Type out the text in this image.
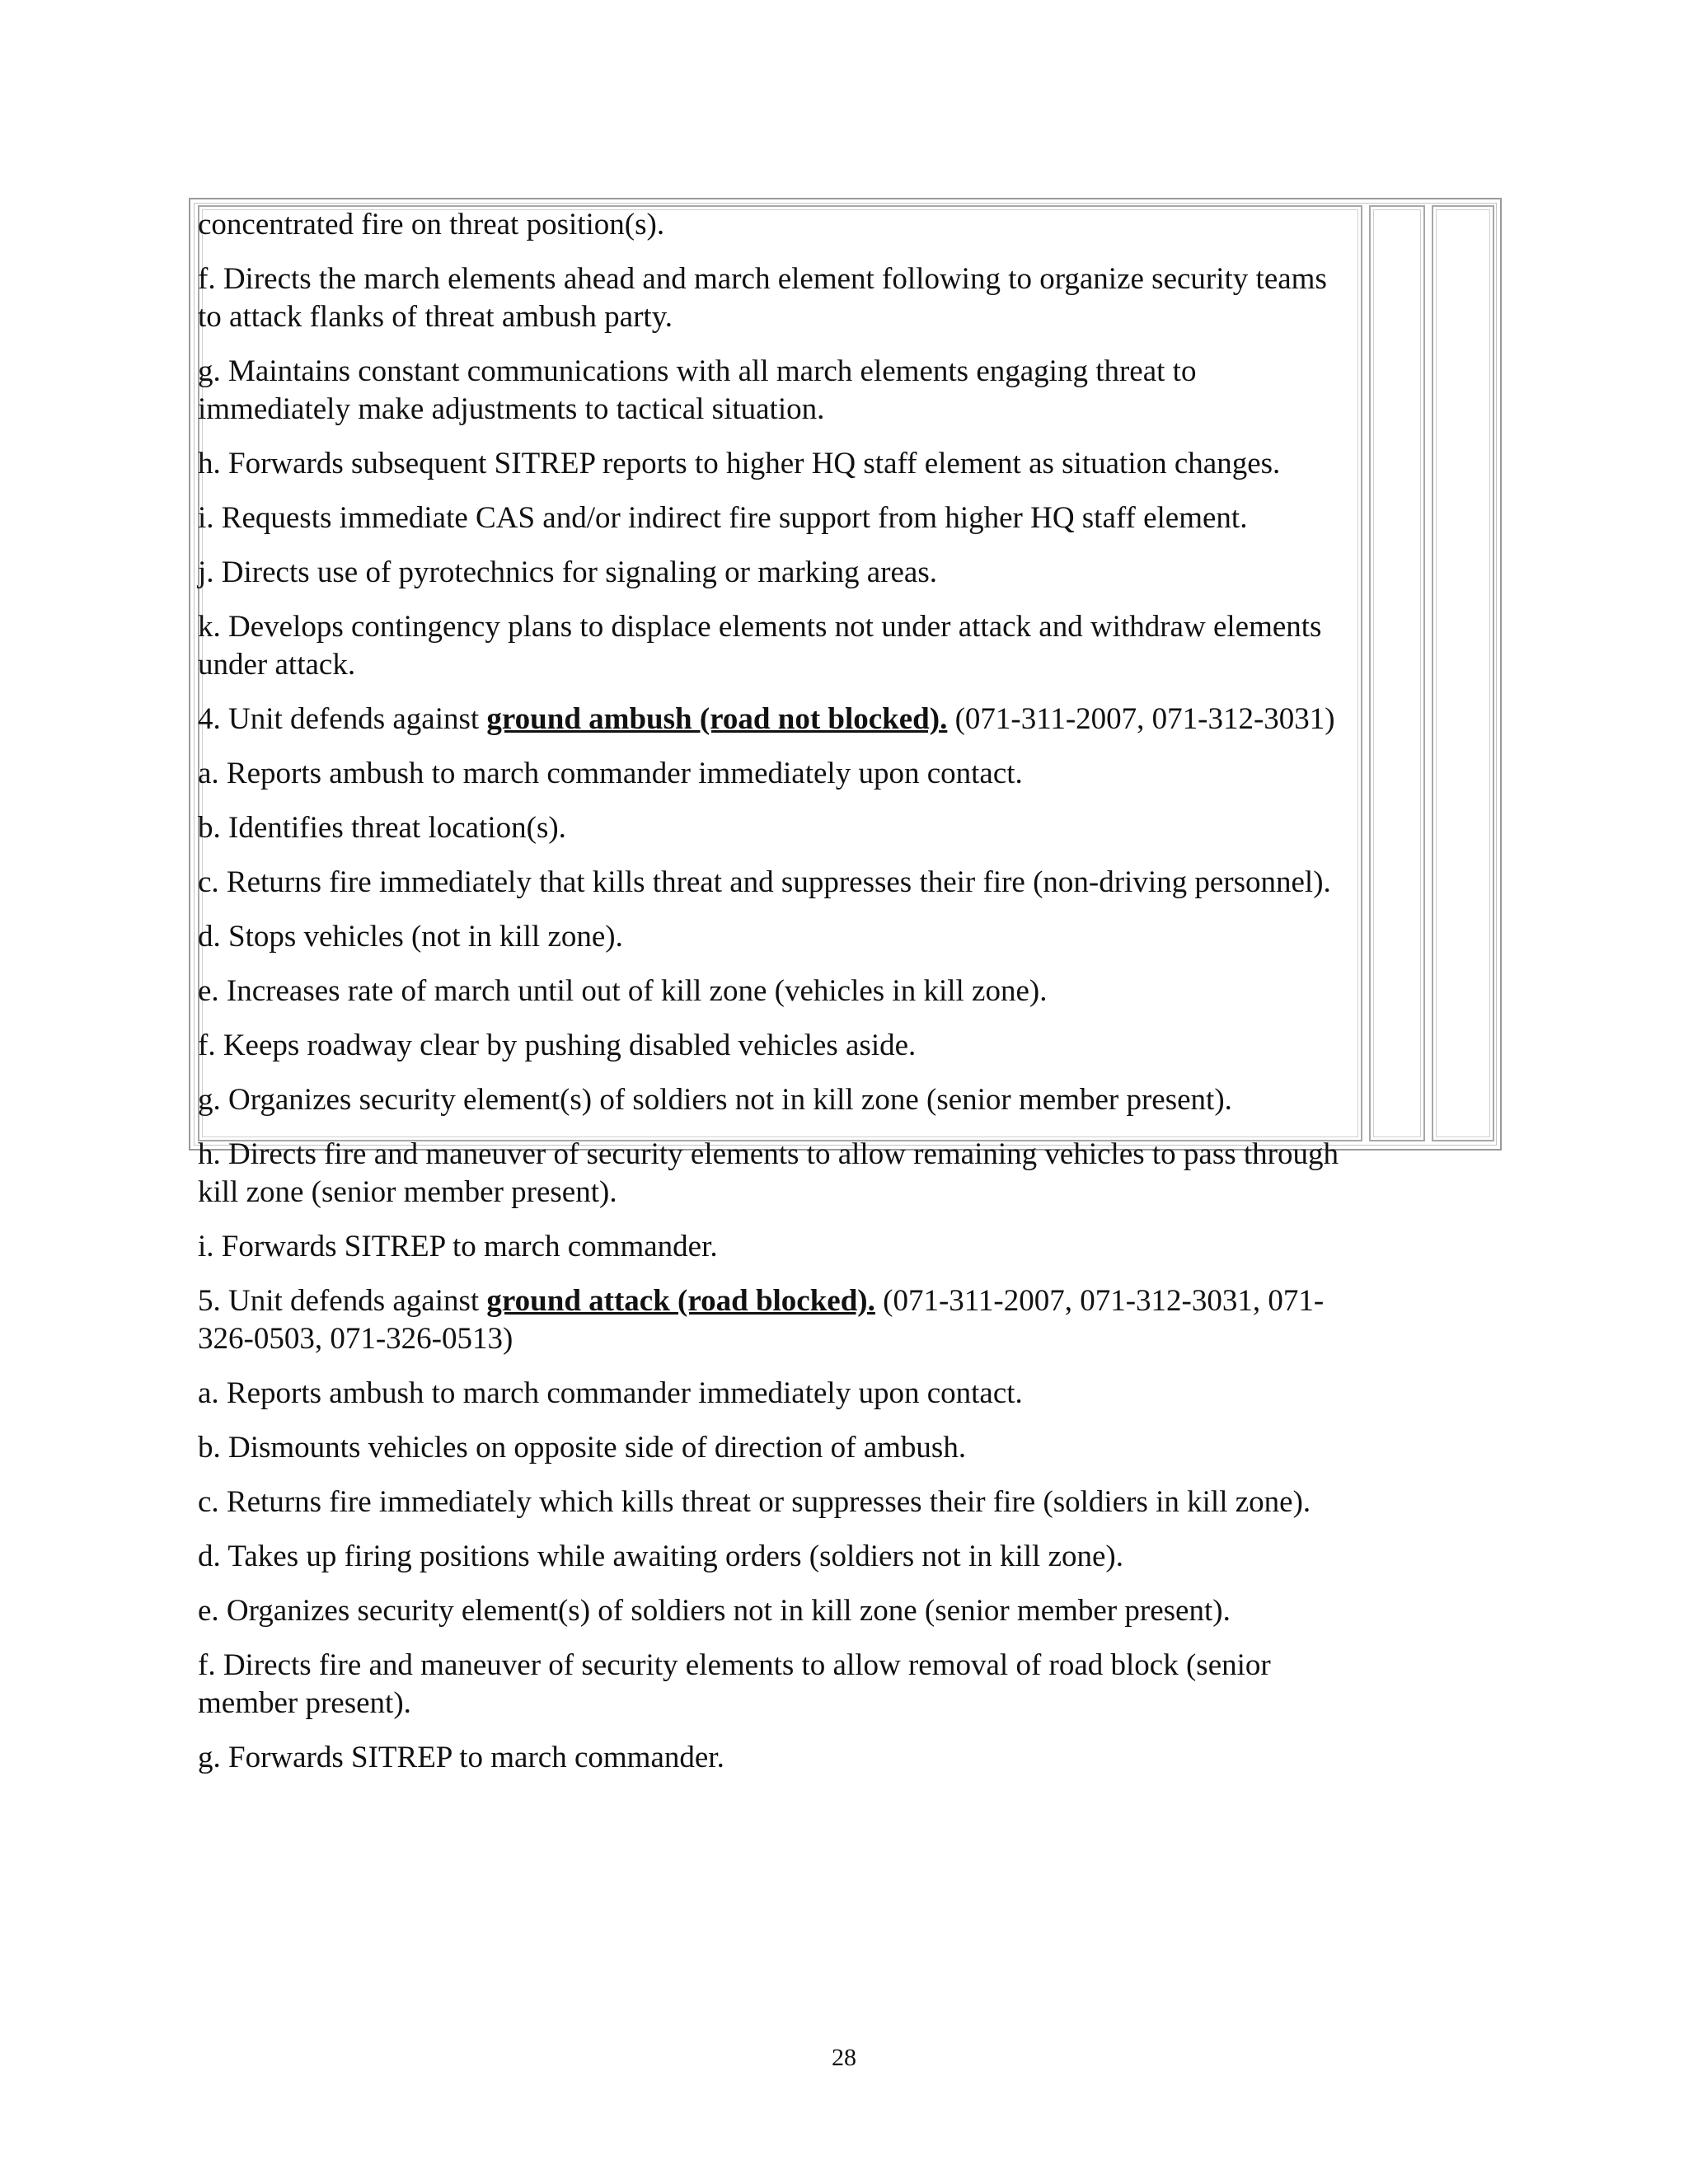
concentrated fire on threat position(s).

f. Directs the march elements ahead and march element following to organize security teams to attack flanks of threat ambush party.

g. Maintains constant communications with all march elements engaging threat to immediately make adjustments to tactical situation.

h. Forwards subsequent SITREP reports to higher HQ staff element as situation changes.

i. Requests immediate CAS and/or indirect fire support from higher HQ staff element.

j. Directs use of pyrotechnics for signaling or marking areas.

k. Develops contingency plans to displace elements not under attack and withdraw elements under attack.

4. Unit defends against ground ambush (road not blocked). (071-311-2007, 071-312-3031)

a. Reports ambush to march commander immediately upon contact.

b. Identifies threat location(s).

c. Returns fire immediately that kills threat and suppresses their fire (non-driving personnel).

d. Stops vehicles (not in kill zone).

e. Increases rate of march until out of kill zone (vehicles in kill zone).

f. Keeps roadway clear by pushing disabled vehicles aside.

g. Organizes security element(s) of soldiers not in kill zone (senior member present).

h. Directs fire and maneuver of security elements to allow remaining vehicles to pass through kill zone (senior member present).

i. Forwards SITREP to march commander.

5. Unit defends against ground attack (road blocked). (071-311-2007, 071-312-3031, 071-326-0503, 071-326-0513)

a. Reports ambush to march commander immediately upon contact.

b. Dismounts vehicles on opposite side of direction of ambush.

c. Returns fire immediately which kills threat or suppresses their fire (soldiers in kill zone).

d. Takes up firing positions while awaiting orders (soldiers not in kill zone).

e. Organizes security element(s) of soldiers not in kill zone (senior member present).

f. Directs fire and maneuver of security elements to allow removal of road block (senior member present).

g. Forwards SITREP to march commander.

28
